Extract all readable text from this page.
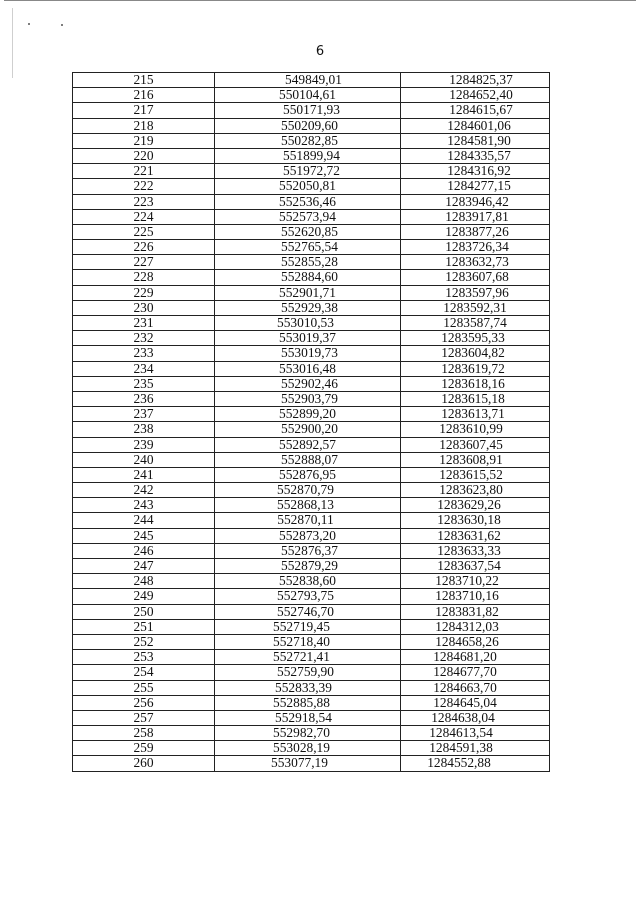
6
215	549849,01	1284825,37
216	550104,61	1284652,40
217	550171,93	1284615,67
218	550209,60	1284601,06
219	550282,85	1284581,90
220	551899,94	1284335,57
221	551972,72	1284316,92
222	552050,81	1284277,15
223	552536,46	1283946,42
224	552573,94	1283917,81
225	552620,85	1283877,26
226	552765,54	1283726,34
227	552855,28	1283632,73
228	552884,60	1283607,68
229	552901,71	1283597,96
230	552929,38	1283592,31
231	553010,53	1283587,74
232	553019,37	1283595,33
233	553019,73	1283604,82
234	553016,48	1283619,72
235	552902,46	1283618,16
236	552903,79	1283615,18
237	552899,20	1283613,71
238	552900,20	1283610,99
239	552892,57	1283607,45
240	552888,07	1283608,91
241	552876,95	1283615,52
242	552870,79	1283623,80
243	552868,13	1283629,26
244	552870,11	1283630,18
245	552873,20	1283631,62
246	552876,37	1283633,33
247	552879,29	1283637,54
248	552838,60	1283710,22
249	552793,75	1283710,16
250	552746,70	1283831,82
251	552719,45	1284312,03
252	552718,40	1284658,26
253	552721,41	1284681,20
254	552759,90	1284677,70
255	552833,39	1284663,70
256	552885,88	1284645,04
257	552918,54	1284638,04
258	552982,70	1284613,54
259	553028,19	1284591,38
260	553077,19	1284552,88
